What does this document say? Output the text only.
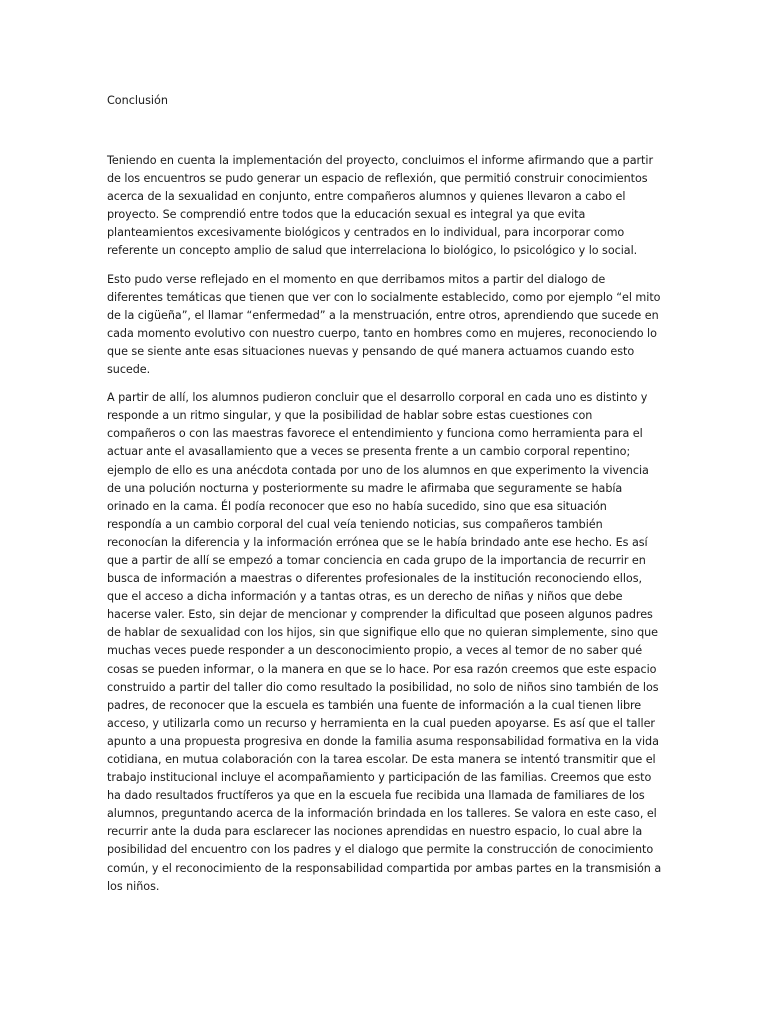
Conclusión

Teniendo en cuenta la implementación del proyecto, concluimos el informe afirmando que a partir de los encuentros se pudo generar un espacio de reflexión, que permitió construir conocimientos acerca de la sexualidad en conjunto, entre compañeros alumnos y quienes llevaron a cabo el proyecto. Se comprendió entre todos que la educación sexual es integral ya que evita planteamientos excesivamente biológicos y centrados en lo individual, para incorporar como referente un concepto amplio de salud que interrelaciona lo biológico, lo psicológico y lo social.

Esto pudo verse reflejado en el momento en que derribamos mitos a partir del dialogo de diferentes temáticas que tienen que ver con lo socialmente establecido, como por ejemplo “el mito de la cigüeña”, el llamar “enfermedad” a la menstruación, entre otros, aprendiendo que sucede en cada momento evolutivo con nuestro cuerpo, tanto en hombres como en mujeres, reconociendo lo que se siente ante esas situaciones nuevas y pensando de qué manera actuamos cuando esto sucede.

A partir de allí, los alumnos pudieron concluir que el desarrollo corporal en cada uno es distinto y responde a un ritmo singular, y que la posibilidad de hablar sobre estas cuestiones con compañeros o con las maestras favorece el entendimiento y funciona como herramienta para el actuar ante el avasallamiento que a veces se presenta frente a un cambio corporal repentino; ejemplo de ello es una anécdota contada por uno de los alumnos en que experimento la vivencia de una polución nocturna y posteriormente su madre le afirmaba que seguramente se había orinado en la cama. Él podía reconocer que eso no había sucedido, sino que esa situación respondía a un cambio corporal del cual veía teniendo noticias, sus compañeros también reconocían la diferencia y la información errónea que se le había brindado ante ese hecho. Es así que a partir de allí se empezó a tomar conciencia en cada grupo de la importancia de recurrir en busca de información a maestras o diferentes profesionales de la institución reconociendo ellos, que el acceso a dicha información y a tantas otras, es un derecho de niñas y niños que debe hacerse valer. Esto, sin dejar de mencionar y comprender la dificultad que poseen algunos padres de hablar de sexualidad con los hijos, sin que signifique ello que no quieran simplemente, sino que muchas veces puede responder a un desconocimiento propio, a veces al temor de no saber qué cosas se pueden informar, o la manera en que se lo hace. Por esa razón creemos que este espacio construido a partir del taller dio como resultado la posibilidad, no solo de niños sino también de los padres, de reconocer que la escuela es también una fuente de información a la cual tienen libre acceso, y utilizarla como un recurso y herramienta en la cual pueden apoyarse. Es así que el taller apunto a una propuesta progresiva en donde la familia asuma responsabilidad formativa en la vida cotidiana, en mutua colaboración con la tarea escolar. De esta manera se intentó transmitir que el trabajo institucional incluye el acompañamiento y participación de las familias. Creemos que esto ha dado resultados fructíferos ya que en la escuela fue recibida una llamada de familiares de los alumnos, preguntando acerca de la información brindada en los talleres. Se valora en este caso, el recurrir ante la duda para esclarecer las nociones aprendidas en nuestro espacio, lo cual abre la posibilidad del encuentro con los padres y el dialogo que permite la construcción de conocimiento común, y el reconocimiento de la responsabilidad compartida por ambas partes en la transmisión a los niños.
